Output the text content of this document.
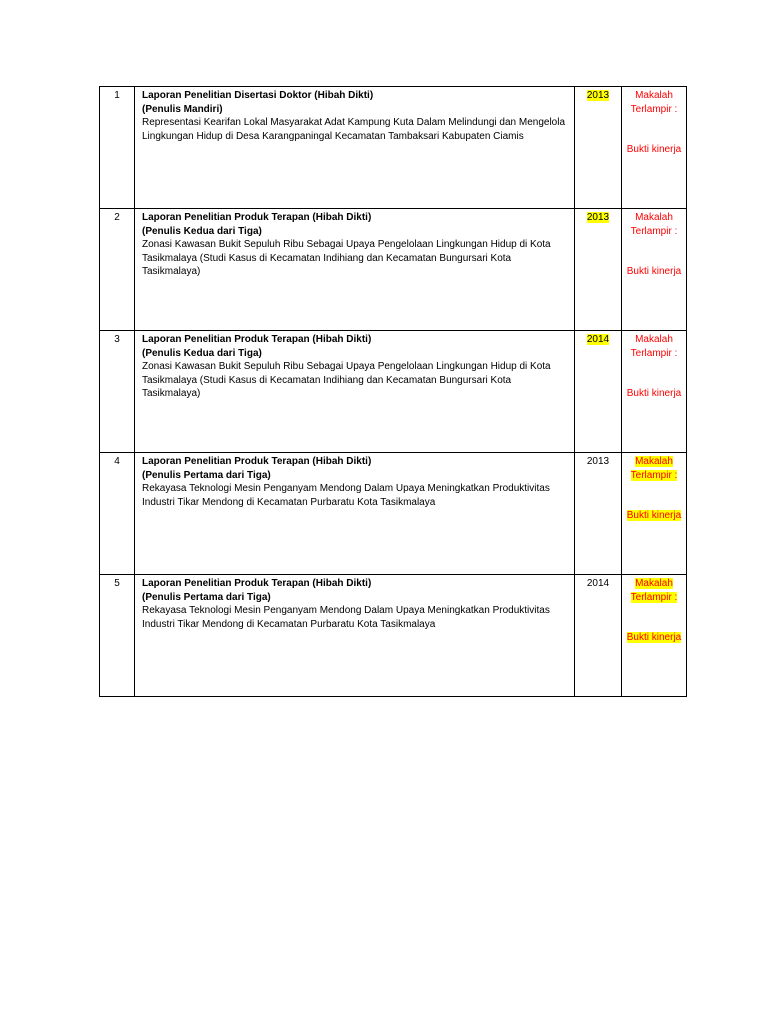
1	Laporan Penelitian Disertasi Doktor (Hibah Dikti)
(Penulis Mandiri)
Representasi Kearifan Lokal Masyarakat Adat Kampung Kuta Dalam Melindungi dan Mengelola Lingkungan Hidup di Desa Karangpaningal Kecamatan Tambaksari Kabupaten Ciamis	2013	Makalah Terlampir :
Bukti kinerja

2	Laporan Penelitian Produk Terapan (Hibah Dikti)
(Penulis Kedua dari Tiga)
Zonasi Kawasan Bukit Sepuluh Ribu Sebagai Upaya Pengelolaan Lingkungan Hidup di Kota Tasikmalaya (Studi Kasus di Kecamatan Indihiang dan Kecamatan Bungursari Kota Tasikmalaya)	2013	Makalah Terlampir :
Bukti kinerja

3	Laporan Penelitian Produk Terapan (Hibah Dikti)
(Penulis Kedua dari Tiga)
Zonasi Kawasan Bukit Sepuluh Ribu Sebagai Upaya Pengelolaan Lingkungan Hidup di Kota Tasikmalaya (Studi Kasus di Kecamatan Indihiang dan Kecamatan Bungursari Kota Tasikmalaya)	2014	Makalah Terlampir :
Bukti kinerja

4	Laporan Penelitian Produk Terapan (Hibah Dikti)
(Penulis Pertama dari Tiga)
Rekayasa Teknologi Mesin Penganyam Mendong Dalam Upaya Meningkatkan Produktivitas Industri Tikar Mendong di Kecamatan Purbaratu Kota Tasikmalaya	2013	Makalah Terlampir :
Bukti kinerja

5	Laporan Penelitian Produk Terapan (Hibah Dikti)
(Penulis Pertama dari Tiga)
Rekayasa Teknologi Mesin Penganyam Mendong Dalam Upaya Meningkatkan Produktivitas Industri Tikar Mendong di Kecamatan Purbaratu Kota Tasikmalaya	2014	Makalah Terlampir :
Bukti kinerja
